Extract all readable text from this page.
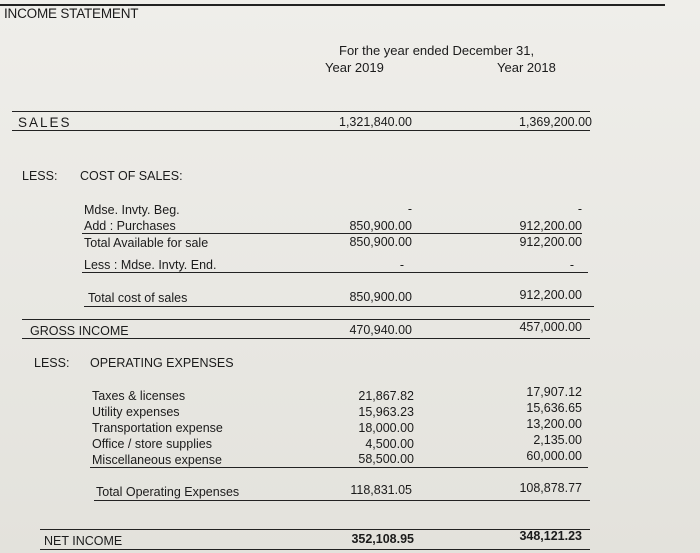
INCOME STATEMENT
For the year ended December 31,
Year 2019	Year 2018
SALES	1,321,840.00	1,369,200.00
LESS: COST OF SALES:
Mdse. Invty. Beg.	-	-
Add : Purchases	850,900.00	912,200.00
Total Available for sale	850,900.00	912,200.00
Less : Mdse. Invty. End.	-	-
Total cost of sales	850,900.00	912,200.00
GROSS INCOME	470,940.00	457,000.00
LESS: OPERATING EXPENSES
Taxes & licenses	21,867.82	17,907.12
Utility expenses	15,963.23	15,636.65
Transportation expense	18,000.00	13,200.00
Office / store supplies	4,500.00	2,135.00
Miscellaneous expense	58,500.00	60,000.00
Total Operating Expenses	118,831.05	108,878.77
NET INCOME	352,108.95	348,121.23
